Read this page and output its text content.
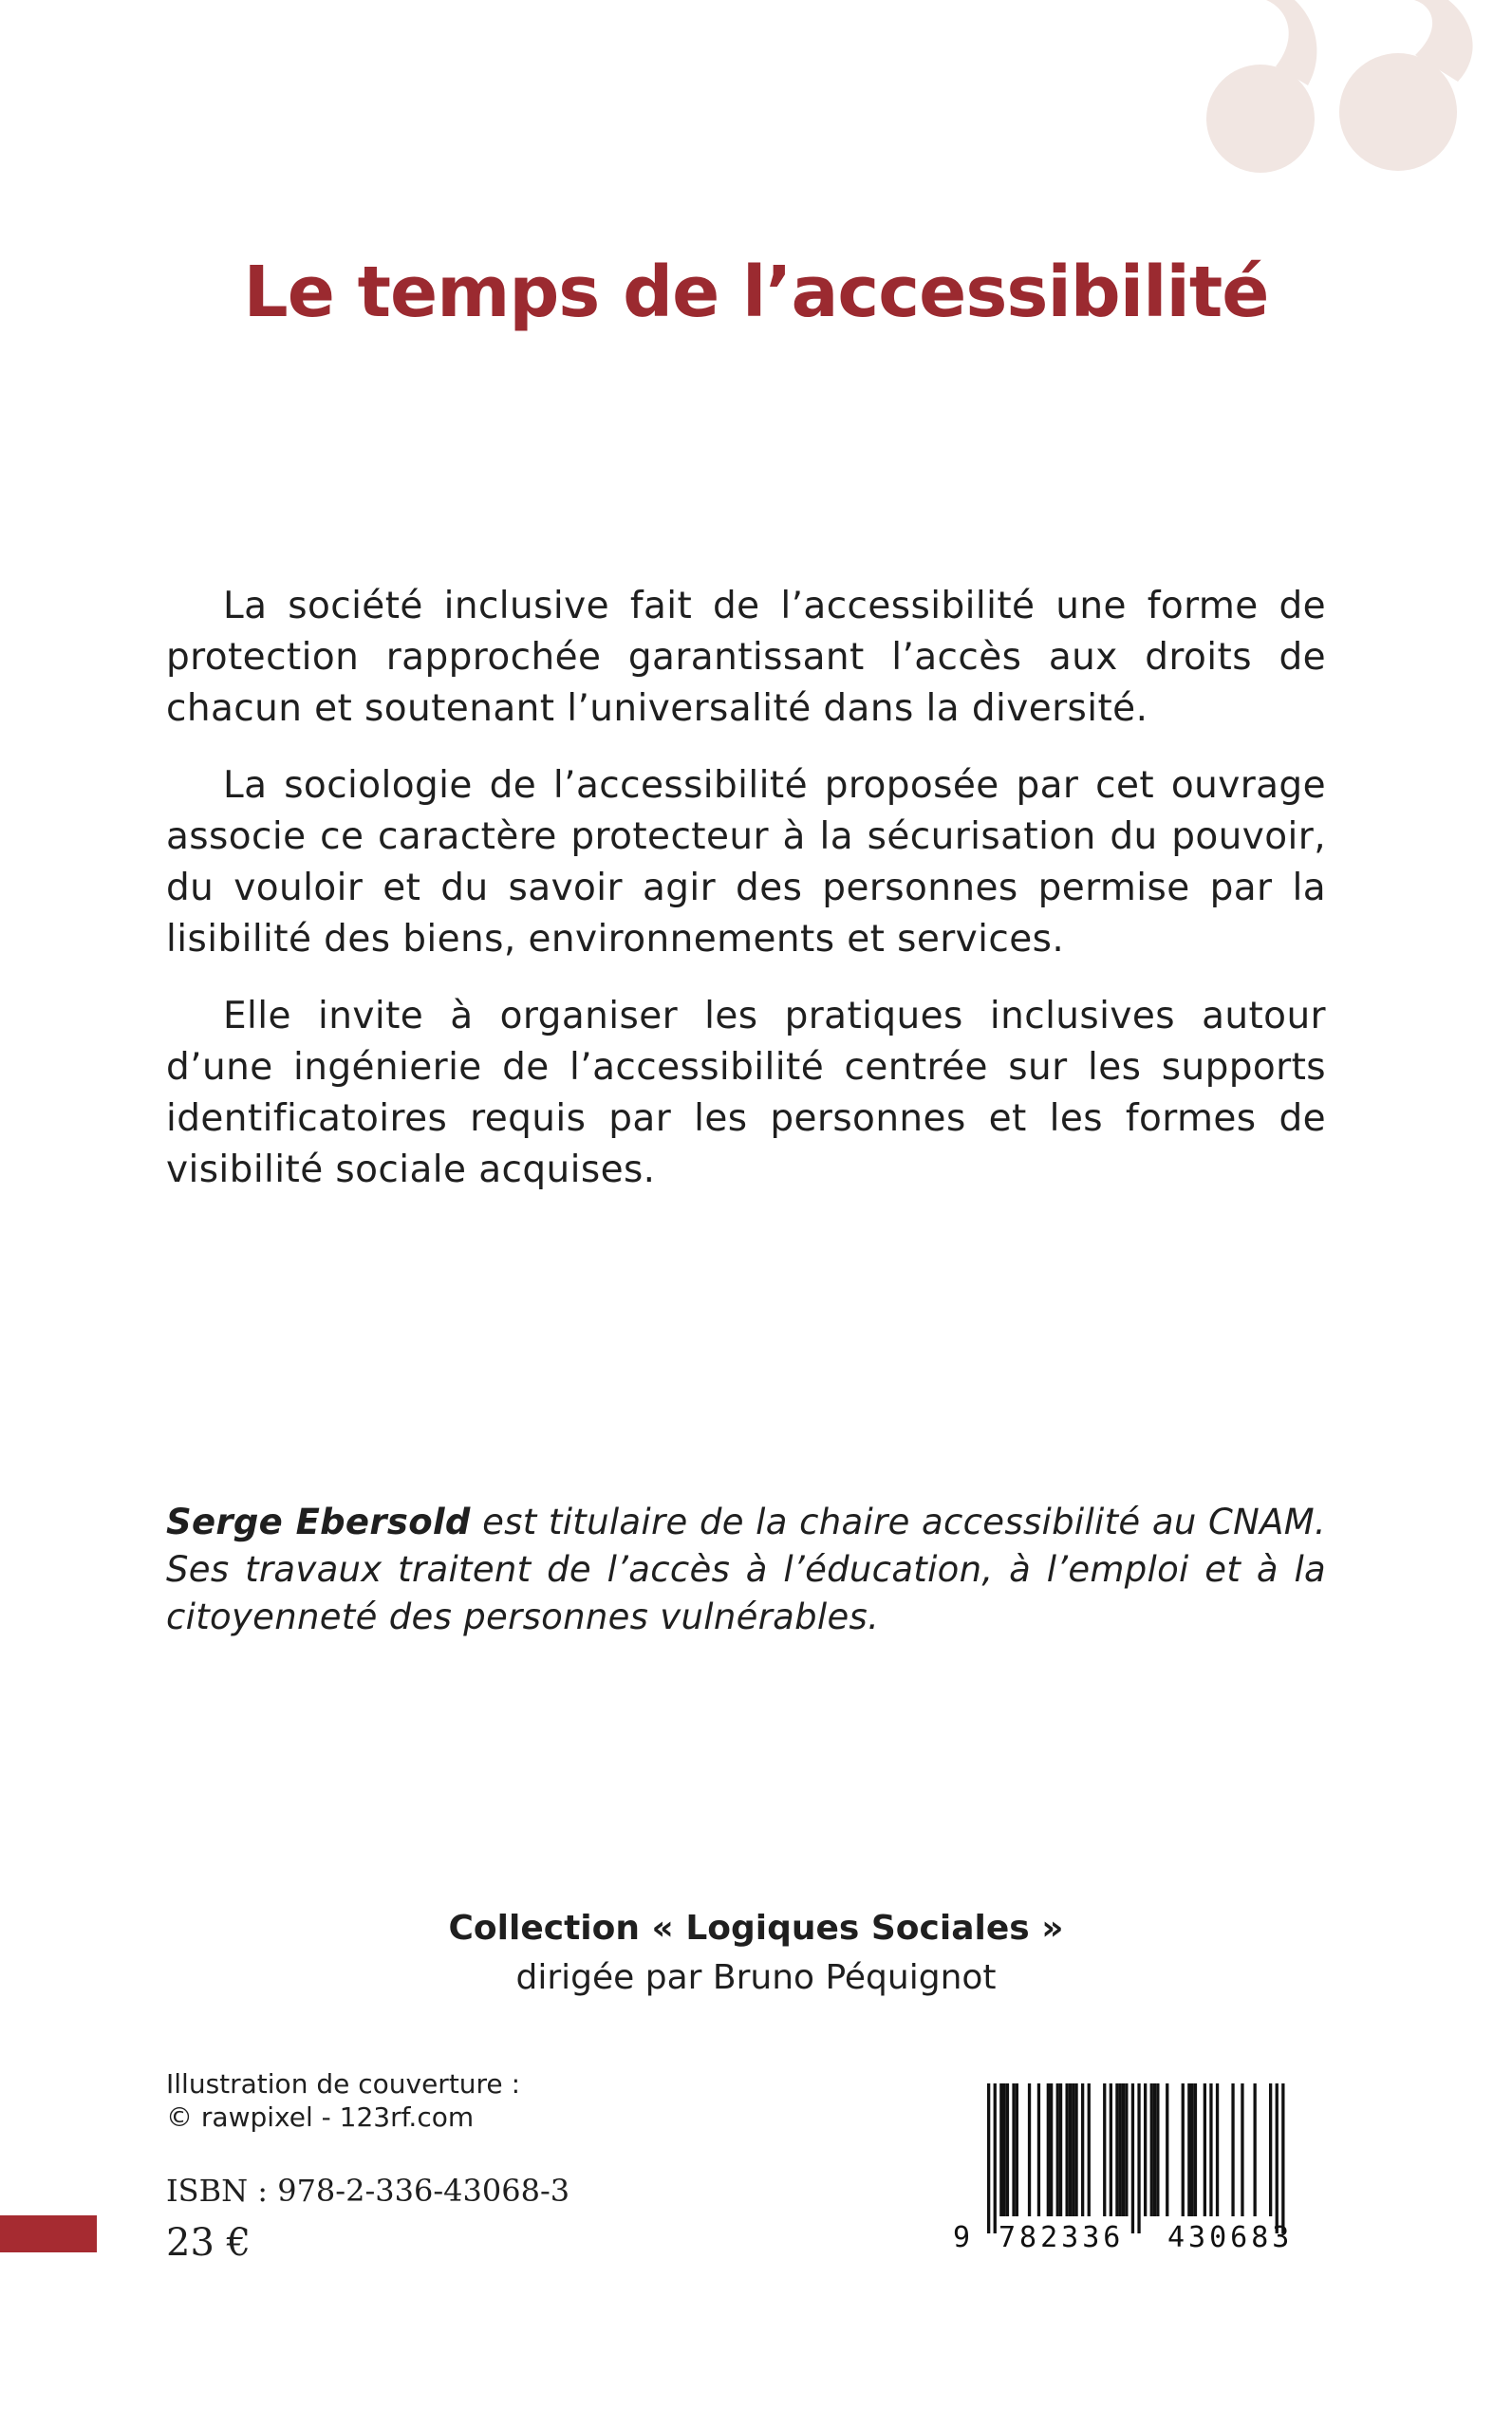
Le temps de l’accessibilité

La société inclusive fait de l’accessibilité une forme de protection rapprochée garantissant l’accès aux droits de chacun et soutenant l’universalité dans la diversité.

La sociologie de l’accessibilité proposée par cet ouvrage associe ce caractère protecteur à la sécurisation du pouvoir, du vouloir et du savoir agir des personnes permise par la lisibilité des biens, environnements et services.

Elle invite à organiser les pratiques inclusives autour d’une ingénierie de l’accessibilité centrée sur les supports identificatoires requis par les personnes et les formes de visibilité sociale acquises.

Serge Ebersold est titulaire de la chaire accessibilité au CNAM. Ses travaux traitent de l’accès à l’éducation, à l’emploi et à la citoyenneté des personnes vulnérables.

Collection « Logiques Sociales »
dirigée par Bruno Péquignot
Illustration de couverture :
© rawpixel - 123rf.com
ISBN : 978-2-336-43068-3
23 €	9 782336 430683
